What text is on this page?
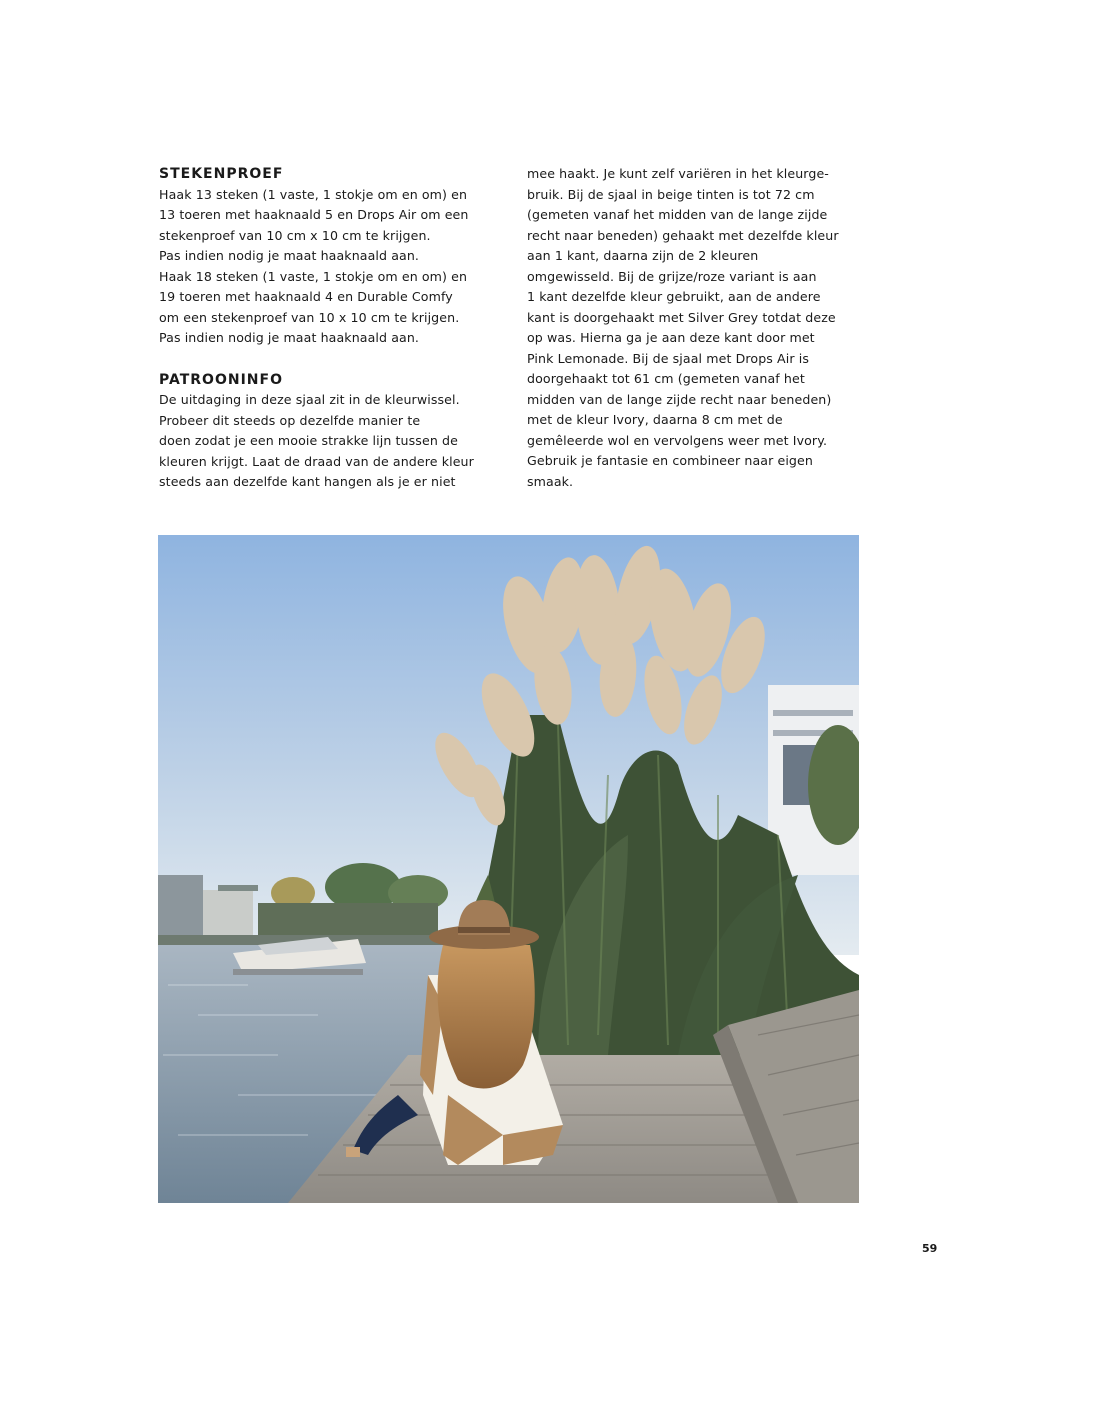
STEKENPROEF
Haak 13 steken (1 vaste, 1 stokje om en om) en
13 toeren met haaknaald 5 en Drops Air om een
stekenproef van 10 cm x 10 cm te krijgen.
Pas indien nodig je maat haaknaald aan.
Haak 18 steken (1 vaste, 1 stokje om en om) en
19 toeren met haaknaald 4 en Durable Comfy
om een stekenproef van 10 x 10 cm te krijgen.
Pas indien nodig je maat haaknaald aan.
PATROONINFO
De uitdaging in deze sjaal zit in de kleurwissel.
Probeer dit steeds op dezelfde manier te
doen zodat je een mooie strakke lijn tussen de
kleuren krijgt. Laat de draad van de andere kleur
steeds aan dezelfde kant hangen als je er niet
mee haakt. Je kunt zelf variëren in het kleurge-
bruik. Bij de sjaal in beige tinten is tot 72 cm
(gemeten vanaf het midden van de lange zijde
recht naar beneden) gehaakt met dezelfde kleur
aan 1 kant, daarna zijn de 2 kleuren
omgewisseld. Bij de grijze/roze variant is aan
1 kant dezelfde kleur gebruikt, aan de andere
kant is doorgehaakt met Silver Grey totdat deze
op was. Hierna ga je aan deze kant door met
Pink Lemonade. Bij de sjaal met Drops Air is
doorgehaakt tot 61 cm (gemeten vanaf het
midden van de lange zijde recht naar beneden)
met de kleur Ivory, daarna 8 cm met de
gemêleerde wol en vervolgens weer met Ivory.
Gebruik je fantasie en combineer naar eigen
smaak.
59
